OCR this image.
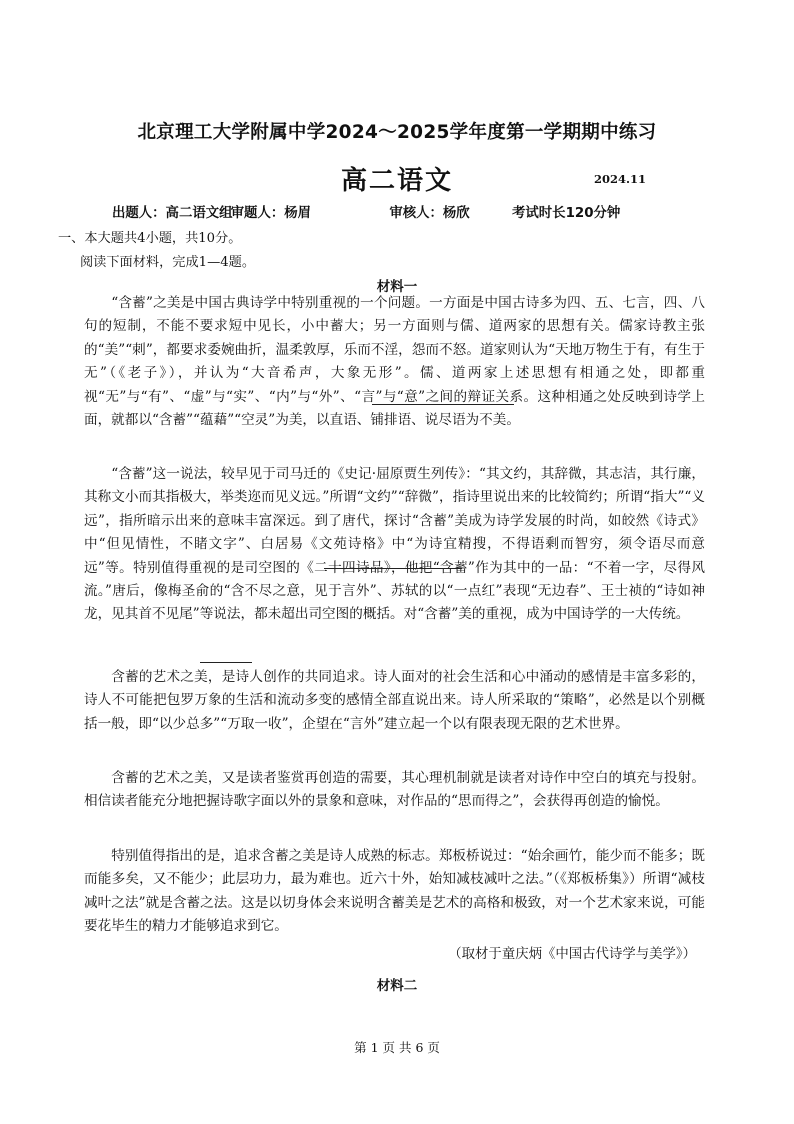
北京理工大学附属中学2024～2025学年度第一学期期中练习
高二语文	2024.11
出题人：高二语文组 审题人：杨眉	审核人：杨欣	考试时长120分钟
一、本大题共4小题，共10分。
阅读下面材料，完成1—4题。
材料一

“含蓄”之美是中国古典诗学中特别重视的一个问题。一方面是中国古诗多为四、五、七言，四、八句的短制，不能不要求短中见长，小中蓄大；另一方面则与儒、道两家的思想有关。儒家诗教主张的“美”“刺”，都要求委婉曲折，温柔敦厚，乐而不淫，怨而不怒。道家则认为“天地万物生于有，有生于无”（《老子》），并认为“大音希声，大象无形”。儒、道两家上述思想有相通之处，即都重视“无”与“有”、“虚”与“实”、“内”与“外”、“言”与“意”之间的辩证关系。这种相通之处反映到诗学上面，就都以“含蓄”“蕴藉”“空灵”为美，以直语、铺排语、说尽语为不美。

“含蓄”这一说法，较早见于司马迁的《史记·屈原贾生列传》：“其文约，其辞微，其志洁，其行廉，其称文小而其指极大，举类迩而见义远。”所谓“文约”“辞微”，指诗里说出来的比较简约；所谓“指大”“义远”，指所暗示出来的意味丰富深远。到了唐代，探讨“含蓄”美成为诗学发展的时尚，如皎然《诗式》中“但见情性，不睹文字”、白居易《文苑诗格》中“为诗宜精搜，不得语剩而智穷，须令语尽而意远”等。特别值得重视的是司空图的《二十四诗品》，他把“含蓄”作为其中的一品：“不着一字，尽得风流。”唐后，像梅圣俞的“含不尽之意，见于言外”、苏轼的以“一点红”表现“无边春”、王士祯的“诗如神龙，见其首不见尾”等说法，都未超出司空图的概括。对“含蓄”美的重视，成为中国诗学的一大传统。

含蓄的艺术之美，是诗人创作的共同追求。诗人面对的社会生活和心中涌动的感情是丰富多彩的，诗人不可能把包罗万象的生活和流动多变的感情全部直说出来。诗人所采取的“策略”，必然是以个别概括一般，即“以少总多”“万取一收”，企望在“言外”建立起一个以有限表现无限的艺术世界。

含蓄的艺术之美，又是读者鉴赏再创造的需要，其心理机制就是读者对诗作中空白的填充与投射。相信读者能充分地把握诗歌字面以外的景象和意味，对作品的“思而得之”，会获得再创造的愉悦。

特别值得指出的是，追求含蓄之美是诗人成熟的标志。郑板桥说过：“始余画竹，能少而不能多；既而能多矣，又不能少；此层功力，最为难也。近六十外，始知减枝减叶之法。”（《郑板桥集》）所谓“减枝减叶之法”就是含蓄之法。这是以切身体会来说明含蓄美是艺术的高格和极致，对一个艺术家来说，可能要花毕生的精力才能够追求到它。

（取材于童庆炳《中国古代诗学与美学》）
材料二
第 1 页 共 6 页
